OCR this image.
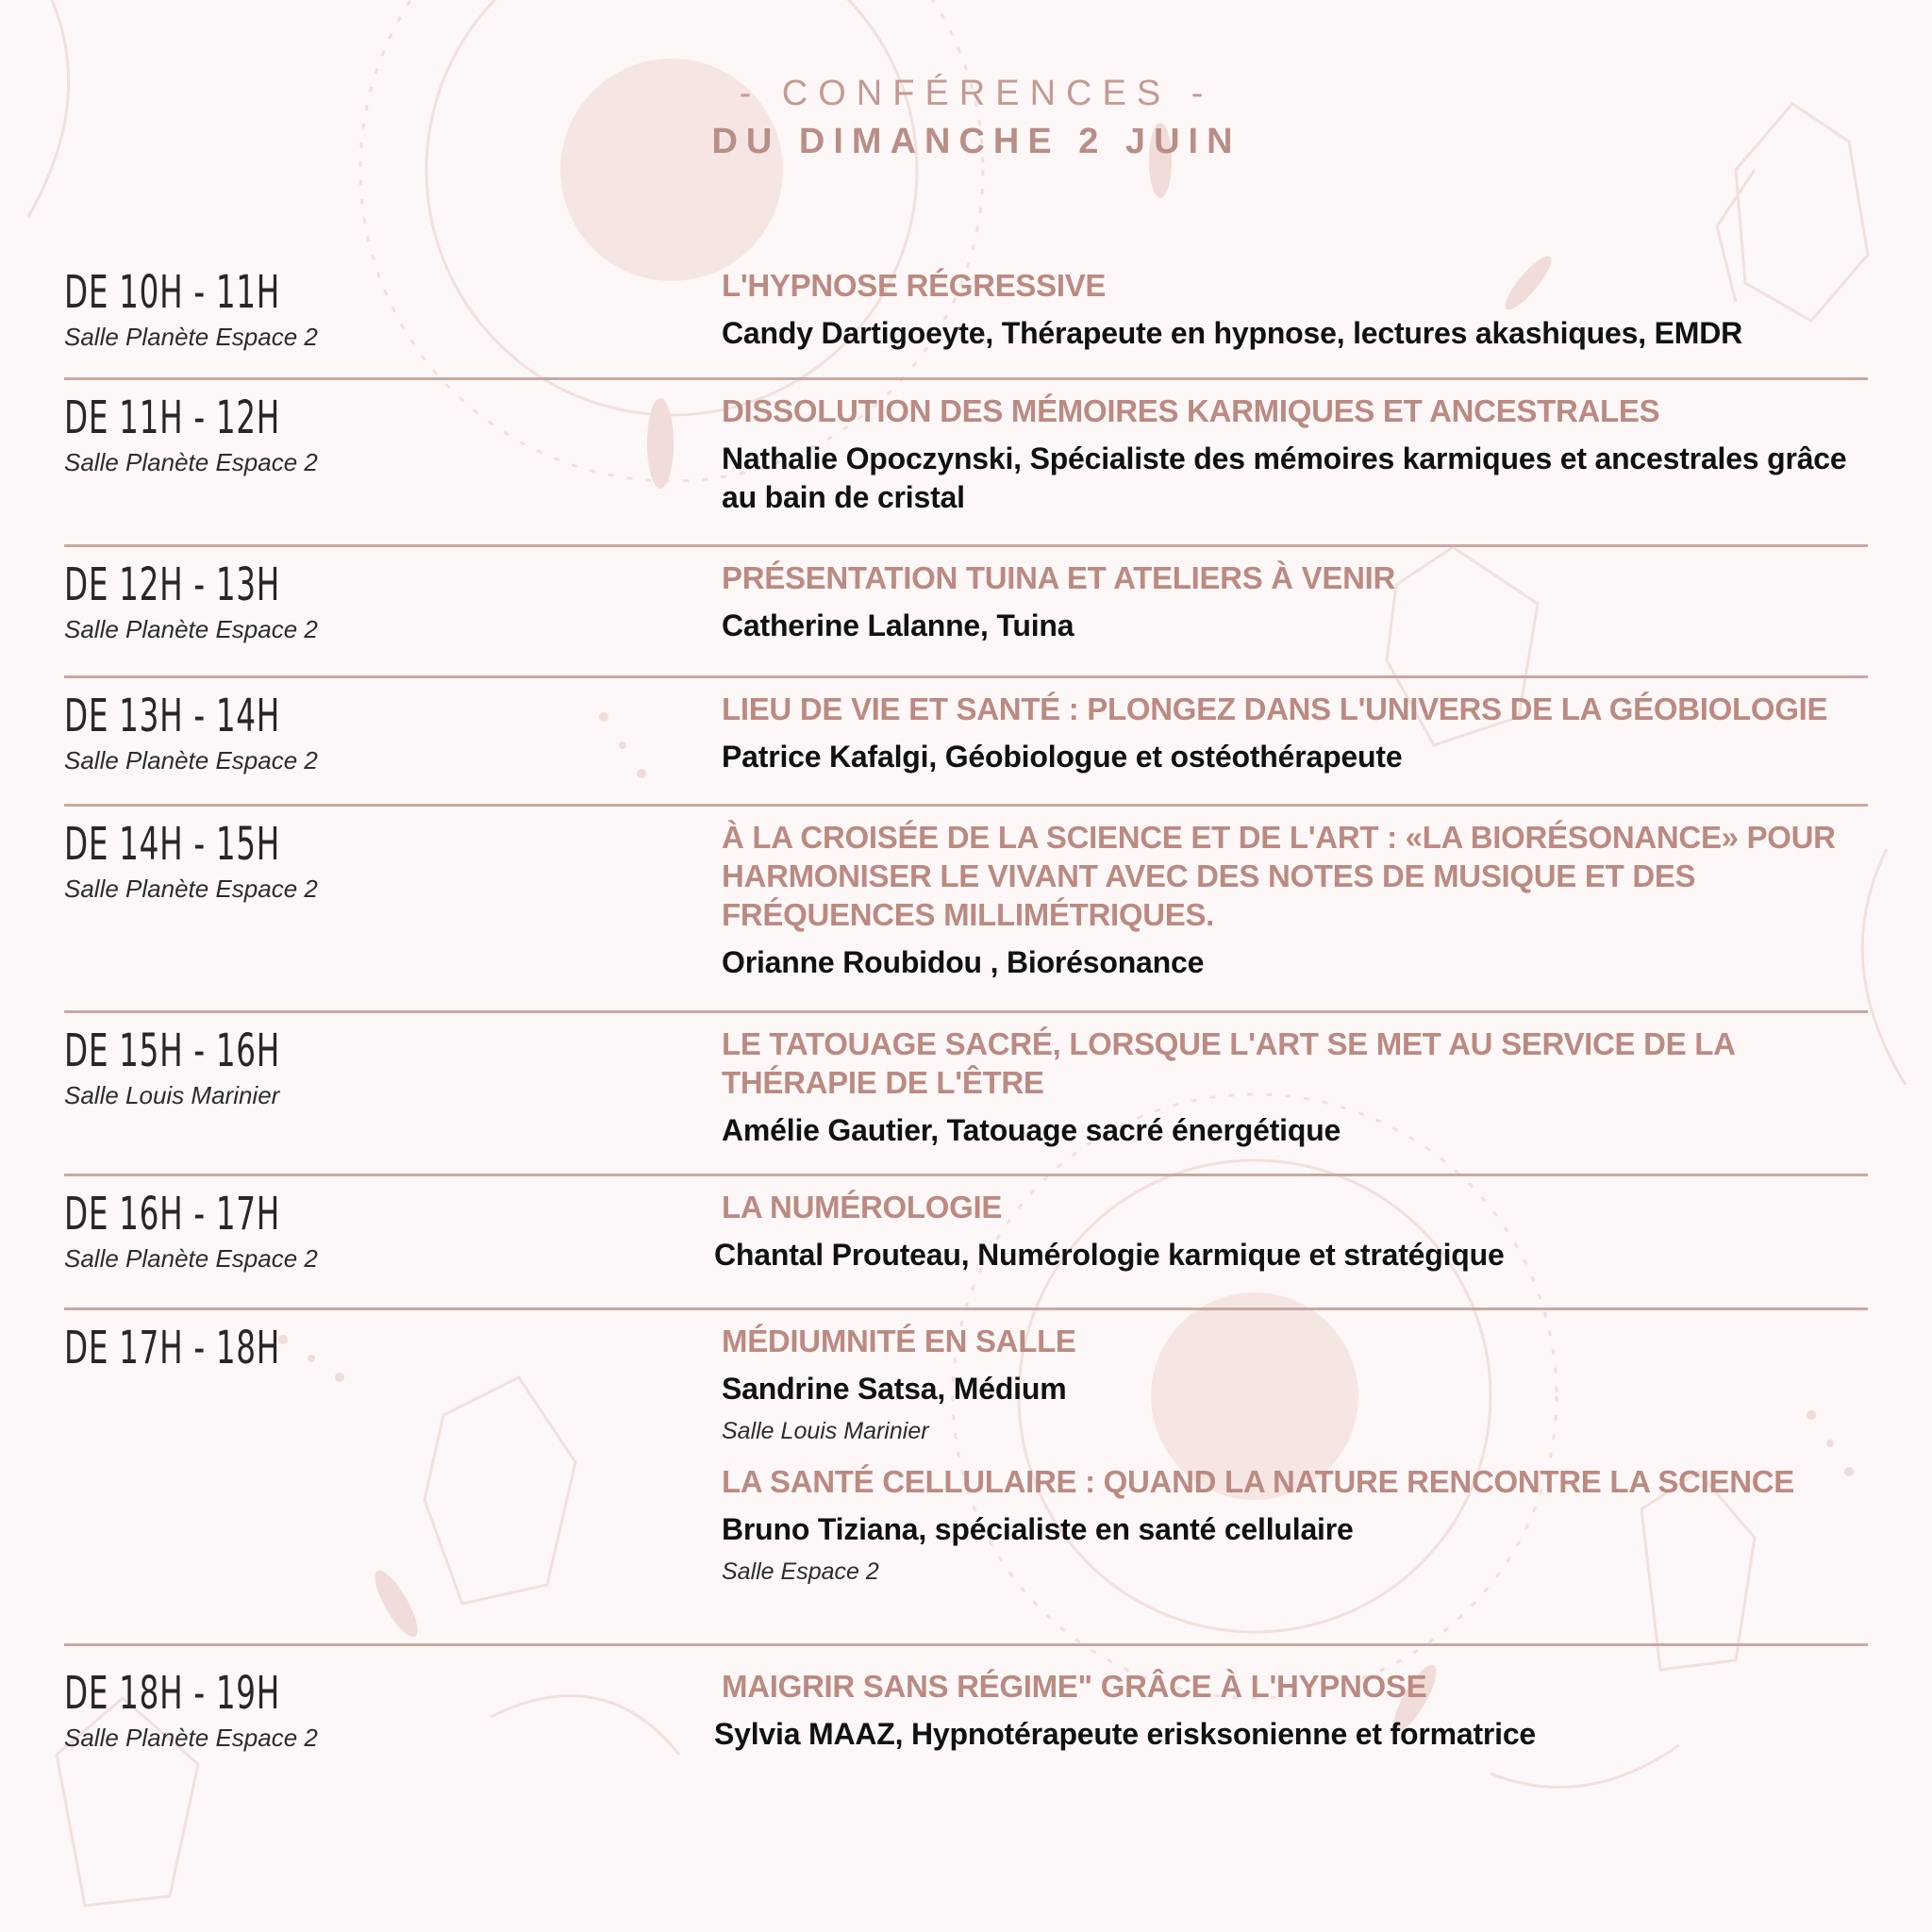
- CONFÉRENCES -
DU DIMANCHE 2 JUIN
DE 10H - 11H
Salle Planète Espace 2
L'HYPNOSE RÉGRESSIVE
Candy Dartigoeyte, Thérapeute en hypnose, lectures akashiques, EMDR
DE 11H - 12H
Salle Planète Espace 2
DISSOLUTION DES MÉMOIRES KARMIQUES ET ANCESTRALES
Nathalie Opoczynski, Spécialiste des mémoires karmiques et ancestrales grâce au bain de cristal
DE 12H - 13H
Salle Planète Espace 2
PRÉSENTATION TUINA ET ATELIERS À VENIR
Catherine Lalanne, Tuina
DE 13H - 14H
Salle Planète Espace 2
LIEU DE VIE ET SANTÉ : PLONGEZ DANS L'UNIVERS DE LA GÉOBIOLOGIE
Patrice Kafalgi, Géobiologue et ostéothérapeute
DE 14H - 15H
Salle Planète Espace 2
À LA CROISÉE DE LA SCIENCE ET DE L'ART : «LA BIORÉSONANCE» POUR HARMONISER LE VIVANT AVEC DES NOTES DE MUSIQUE ET DES FRÉQUENCES MILLIMÉTRIQUES.
Orianne Roubidou , Biorésonance
DE 15H - 16H
Salle Louis Marinier
LE TATOUAGE SACRÉ, LORSQUE L'ART SE MET AU SERVICE DE LA THÉRAPIE DE L'ÊTRE
Amélie Gautier, Tatouage sacré énergétique
DE 16H - 17H
Salle Planète Espace 2
LA NUMÉROLOGIE
Chantal Prouteau, Numérologie karmique et stratégique
DE 17H - 18H	MÉDIUMNITÉ EN SALLE
Sandrine Satsa, Médium
Salle Louis Marinier
LA SANTÉ CELLULAIRE : QUAND LA NATURE RENCONTRE LA SCIENCE
Bruno Tiziana, spécialiste en santé cellulaire
Salle Espace 2
DE 18H - 19H
Salle Planète Espace 2
MAIGRIR SANS RÉGIME" GRÂCE À L'HYPNOSE
Sylvia MAAZ, Hypnotérapeute erisksonienne et formatrice
